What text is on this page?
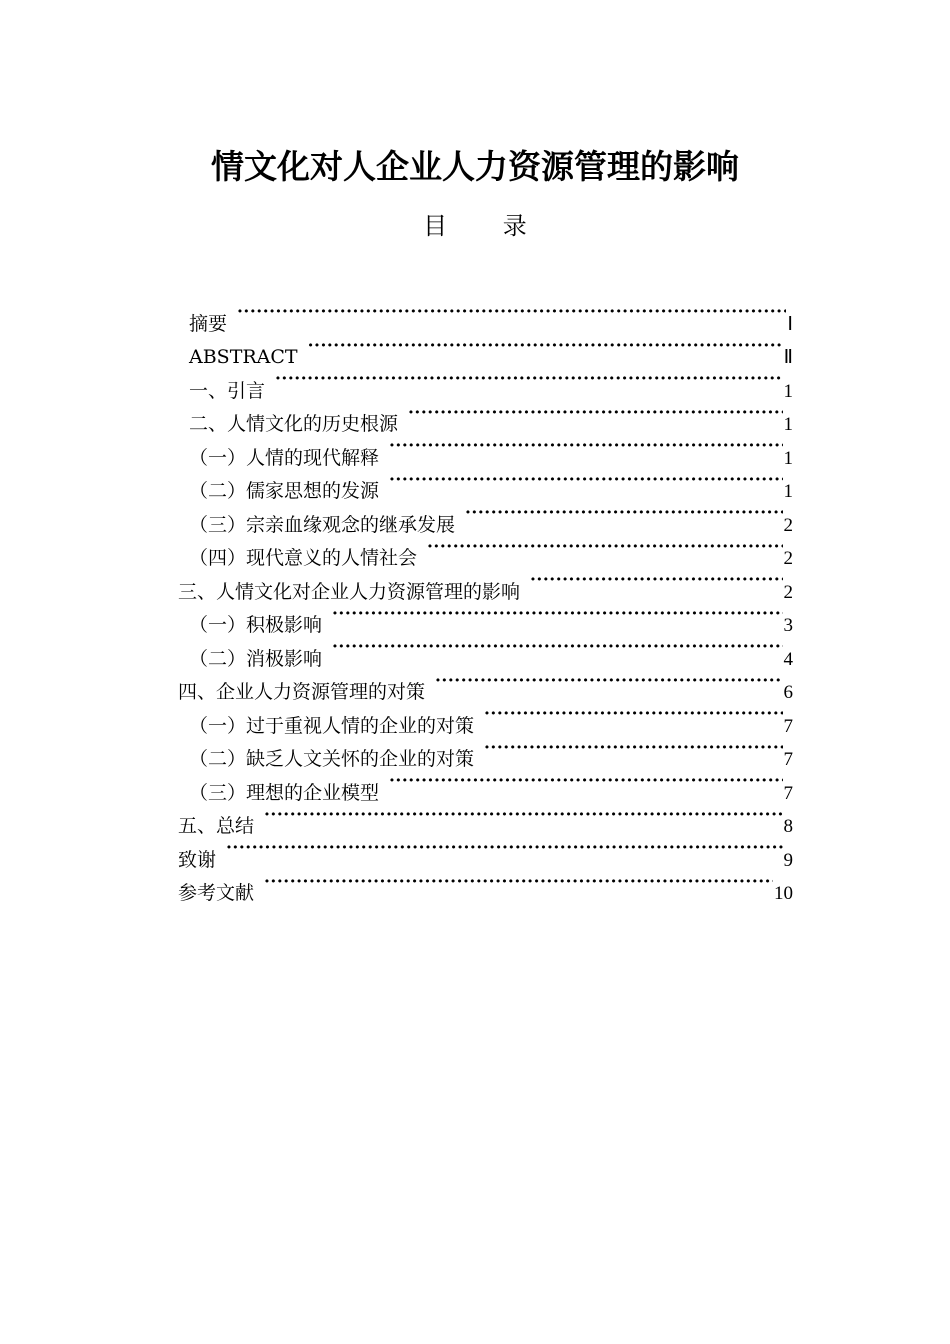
情文化对人企业人力资源管理的影响
目 录
摘要 ·····	Ⅰ
ABSTRACT ·····	Ⅱ
一、引言 ·····	1
二、人情文化的历史根源 ·····	1
（一）人情的现代解释 ·····	1
（二）儒家思想的发源 ·····	1
（三）宗亲血缘观念的继承发展 ·····	2
（四）现代意义的人情社会 ·····	2
三、人情文化对企业人力资源管理的影响 ·····	2
（一）积极影响 ·····	3
（二）消极影响 ·····	4
四、企业人力资源管理的对策 ·····	6
（一）过于重视人情的企业的对策 ·····	7
（二）缺乏人文关怀的企业的对策 ·····	7
（三）理想的企业模型 ·····	7
五、总结 ·····	8
致谢 ·····	9
参考文献 ·····	10
